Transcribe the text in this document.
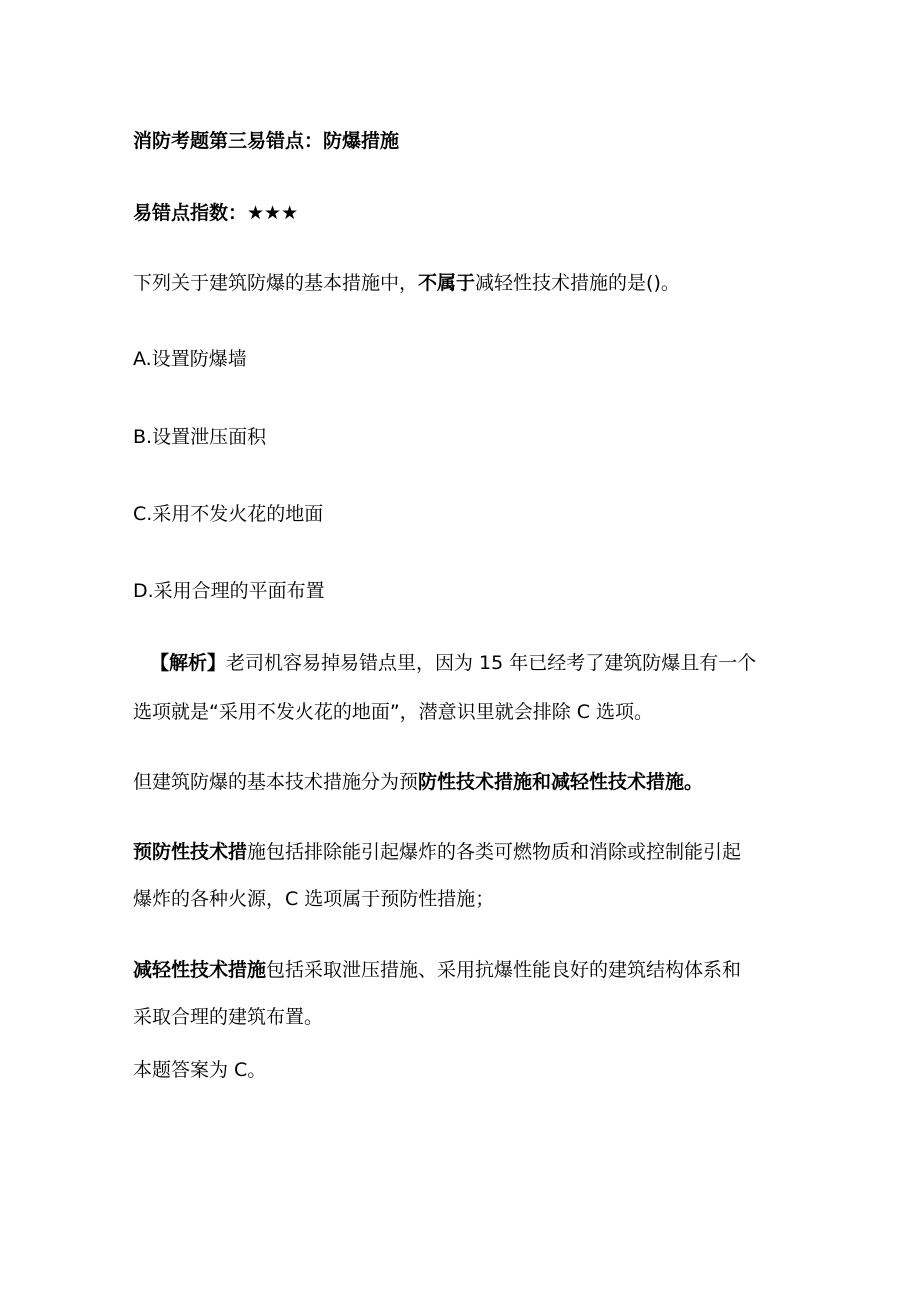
消防考题第三易错点：防爆措施
易错点指数：★★★
下列关于建筑防爆的基本措施中，不属于减轻性技术措施的是()。
A.设置防爆墙
B.设置泄压面积
C.采用不发火花的地面
D.采用合理的平面布置
【解析】老司机容易掉易错点里，因为 15 年已经考了建筑防爆且有一个
选项就是“采用不发火花的地面”，潜意识里就会排除 C 选项。
但建筑防爆的基本技术措施分为预防性技术措施和减轻性技术措施。
预防性技术措施包括排除能引起爆炸的各类可燃物质和消除或控制能引起
爆炸的各种火源，C 选项属于预防性措施；
减轻性技术措施包括采取泄压措施、采用抗爆性能良好的建筑结构体系和
采取合理的建筑布置。
本题答案为 C。
